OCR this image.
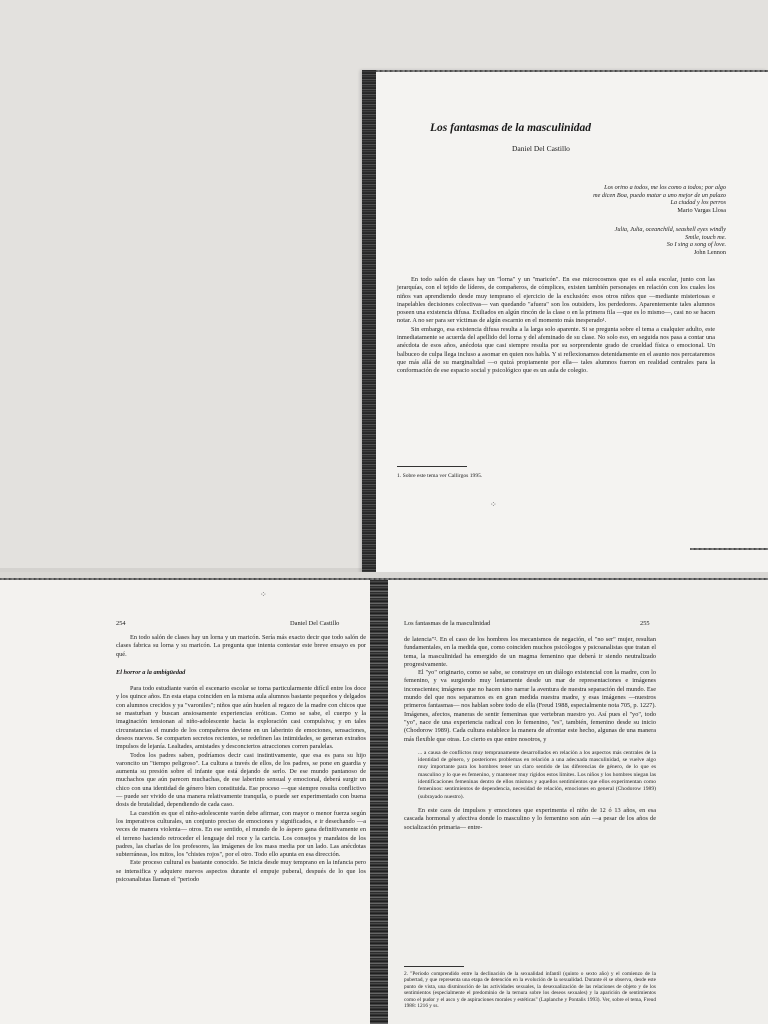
Los fantasmas de la masculinidad
Daniel Del Castillo
Los orino a todos, me los como a todos; por algo
me dicen Boa, puedo matar a uno mejor de un palazo
La ciudad y los perros
Mario Vargas Llosa
Julia, Julia, oceanchild, seashell eyes windly
Smile, touch me.
So I sing a song of love.
John Lennon

En todo salón de clases hay un "lorna" y un "maricón". En ese microcosmos que es el aula escolar, junto con las jerarquías, con el tejido de líderes, de compañeros, de cómplices, existen también personajes en relación con los cuales los niños van aprendiendo desde muy temprano el ejercicio de la exclusión: esos otros niños que —mediante misteriosas e inapelables decisiones colectivas— van quedando "afuera" son los outsiders, los perdedores. Aparentemente tales alumnos poseen una existencia difusa. Exiliados en algún rincón de la clase o en la primera fila —que es lo mismo—, casi no se hacen notar. A no ser para ser víctimas de algún escarnio en el momento más inesperado¹.

Sin embargo, esa existencia difusa resulta a la larga solo aparente. Si se pregunta sobre el tema a cualquier adulto, este inmediatamente se acuerda del apellido del lorna y del afeminado de su clase. No solo eso, en seguida nos pasa a contar una anécdota de esos años, anécdota que casi siempre resulta por su sorprendente grado de crueldad física o emocional. Un balbuceo de culpa llega incluso a asomar en quien nos habla. Y si reflexionamos detenidamente en el asunto nos percataremos que más allá de su marginalidad —o quizá propiamente por ella— tales alumnos fueron en realidad centrales para la conformación de ese espacio social y psicológico que es un aula de colegio.

1. Sobre este tema ver Callirgos 1995.
⁘
⁘
254	Daniel Del Castillo

En todo salón de clases hay un lorna y un maricón. Sería más exacto decir que todo salón de clases fabrica su lorna y su maricón. La pregunta que intenta contestar este breve ensayo es por qué.

El horror a la ambigüedad

Para todo estudiante varón el escenario escolar se torna particularmente difícil entre los doce y los quince años. En esta etapa coinciden en la misma aula alumnos bastante pequeños y delgados con alumnos crecidos y ya "varoniles"; niños que aún huelen al regazo de la madre con chicos que se masturban y buscan ansiosamente experiencias eróticas. Como se sabe, el cuerpo y la imaginación tensionan al niño-adolescente hacia la exploración casi compulsiva; y en tales circunstancias el mundo de los compañeros deviene en un laberinto de emociones, sensaciones, deseos nuevos. Se comparten secretos recientes, se redefinen las intimidades, se generan extraños impulsos de lejanía. Lealtades, amistades y desconciertos atracciones corren paralelas.

Todos los padres saben, podríamos decir casi instintivamente, que esa es para su hijo varoncito un "tiempo peligroso". La cultura a través de ellos, de los padres, se pone en guardia y aumenta su presión sobre el infante que está dejando de serlo. De ese mundo pantanoso de muchachos que aún parecen muchachas, de ese laberinto sensual y emocional, deberá surgir un chico con una identidad de género bien constituida. Ese proceso —que siempre resulta conflictivo— puede ser vivido de una manera relativamente tranquila, o puede ser experimentado con buena dosis de brutalidad, dependiendo de cada caso.

La cuestión es que el niño-adolescente varón debe afirmar, con mayor o menor fuerza según los imperativos culturales, un conjunto preciso de emociones y significados, e ir desechando —a veces de manera violenta— otros. En ese sentido, el mundo de lo áspero gana definitivamente en el terreno haciendo retroceder el lenguaje del roce y la caricia. Los consejos y mandatos de los padres, las charlas de los profesores, las imágenes de los mass media por un lado. Las anécdotas subterráneas, los mitos, los "chistes rojos", por el otro. Todo ello apunta en esa dirección.

Este proceso cultural es bastante conocido. Se inicia desde muy temprano en la infancia pero se intensifica y adquiere nuevos aspectos durante el empuje puberal, después de lo que los psicoanalistas llaman el "periodo

Los fantasmas de la masculinidad	255

de latencia"². En el caso de los hombres los mecanismos de negación, el "no ser" mujer, resultan fundamentales, en la medida que, como coinciden muchos psicólogos y psicoanalistas que tratan el tema, la masculinidad ha emergido de un magma femenino que deberá ir siendo neutralizado progresivamente.

El "yo" originario, como se sabe, se construye en un diálogo existencial con la madre, con lo femenino, y va surgiendo muy lentamente desde un mar de representaciones e imágenes inconscientes; imágenes que no hacen sino narrar la aventura de nuestra separación del mundo. Ese mundo del que nos separamos es en gran medida nuestra madre, y esas imágenes —nuestros primeros fantasmas— nos hablan sobre todo de ella (Freud 1988, especialmente nota 705, p. 1227). Imágenes, afectos, maneras de sentir femeninas que vertebran nuestro yo. Así pues el "yo", todo "yo", nace de una experiencia radical con lo femenino, "es", también, femenino desde su inicio (Chodorow 1989). Cada cultura establece la manera de afrontar este hecho, algunas de una manera más flexible que otras. Lo cierto es que entre nosotros, y

... a causa de conflictos muy tempranamente desarrollados en relación a los aspectos más centrales de la identidad de género, y posteriores problemas en relación a una adecuada masculinidad, se vuelve algo muy importante para los hombres tener un claro sentido de las diferencias de género, de lo que es masculino y lo que es femenino, y mantener muy rígidos estos límites. Los niños y los hombres niegan las identificaciones femeninas dentro de ellos mismos y aquellos sentimientos que ellos experimentan como femeninos: sentimientos de dependencia, necesidad de relación, emociones en general (Chodorow 1989) (subrayado nuestro).

En este caos de impulsos y emociones que experimenta el niño de 12 ó 13 años, en esa cascada hormonal y afectiva donde lo masculino y lo femenino son aún —a pesar de los años de socialización primaria— entre-

2. "Periodo comprendido entre la declinación de la sexualidad infantil (quinto o sexto año) y el comienzo de la pubertad, y que representa una etapa de detención en la evolución de la sexualidad. Durante él se observa, desde este punto de vista, una disminución de las actividades sexuales, la desexualización de las relaciones de objeto y de los sentimientos (especialmente el predominio de la ternura sobre los deseos sexuales) y la aparición de sentimientos como el pudor y el asco y de aspiraciones morales y estéticas" (Laplanche y Pontalis 1993). Ver, sobre el tema, Freud 1988: 1216 y ss.
